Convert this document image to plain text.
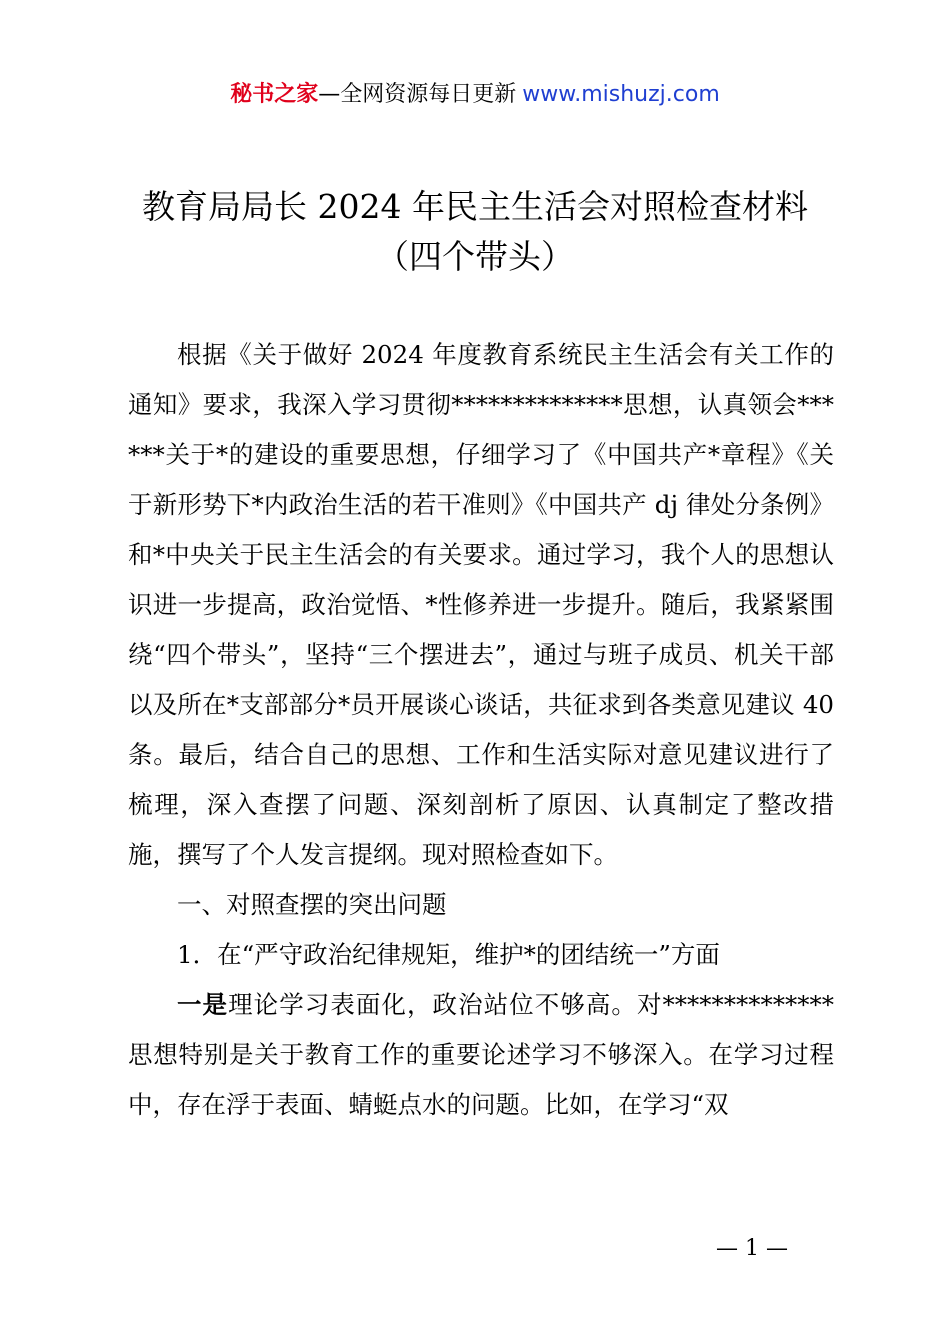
秘书之家—全网资源每日更新 www.mishuzj.com
教育局局长 2024 年民主生活会对照检查材料
（四个带头）

根据《关于做好 2024 年度教育系统民主生活会有关工作的通知》要求，我深入学习贯彻**************思想，认真领会******关于*的建设的重要思想，仔细学习了《中国共产*章程》《关于新形势下*内政治生活的若干准则》《中国共产 dj 律处分条例》和*中央关于民主生活会的有关要求。通过学习，我个人的思想认识进一步提高，政治觉悟、*性修养进一步提升。随后，我紧紧围绕“四个带头”，坚持“三个摆进去”，通过与班子成员、机关干部以及所在*支部部分*员开展谈心谈话，共征求到各类意见建议 40 条。最后，结合自己的思想、工作和生活实际对意见建议进行了梳理，深入查摆了问题、深刻剖析了原因、认真制定了整改措施，撰写了个人发言提纲。现对照检查如下。

一、对照查摆的突出问题

1．在“严守政治纪律规矩，维护*的团结统一”方面

一是理论学习表面化，政治站位不够高。对**************思想特别是关于教育工作的重要论述学习不够深入。在学习过程中，存在浮于表面、蜻蜓点水的问题。比如，在学习“双

— 1 —
